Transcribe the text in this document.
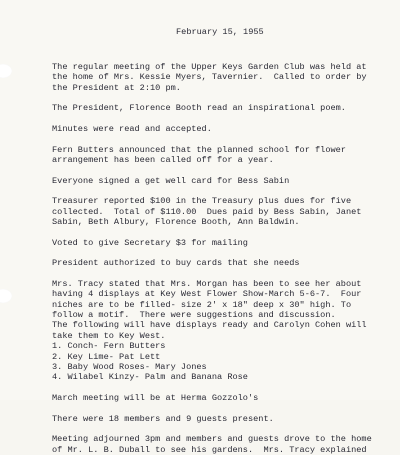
February 15, 1955
The regular meeting of the Upper Keys Garden Club was held at
the home of Mrs. Kessie Myers, Tavernier.  Called to order by
the President at 2:10 pm.
The President, Florence Booth read an inspirational poem.
Minutes were read and accepted.
Fern Butters announced that the planned school for flower
arrangement has been called off for a year.
Everyone signed a get well card for Bess Sabin
Treasurer reported $100 in the Treasury plus dues for five
collected.  Total of $110.00  Dues paid by Bess Sabin, Janet
Sabin, Beth Albury, Florence Booth, Ann Baldwin.
Voted to give Secretary $3 for mailing
President authorized to buy cards that she needs
Mrs. Tracy stated that Mrs. Morgan has been to see her about
having 4 displays at Key West Flower Show-March 5-6-7.  Four
niches are to be filled- size 2' x 18" deep x 30" high. To
follow a motif.  There were suggestions and discussion.
The following will have displays ready and Carolyn Cohen will
take them to Key West.
1. Conch- Fern Butters
2. Key Lime- Pat Lett
3. Baby Wood Roses- Mary Jones
4. Wilabel Kinzy- Palm and Banana Rose
March meeting will be at Herma Gozzolo's
There were 18 members and 9 guests present.
Meeting adjourned 3pm and members and guests drove to the home
of Mr. L. B. Duball to see his gardens.  Mrs. Tracy explained
